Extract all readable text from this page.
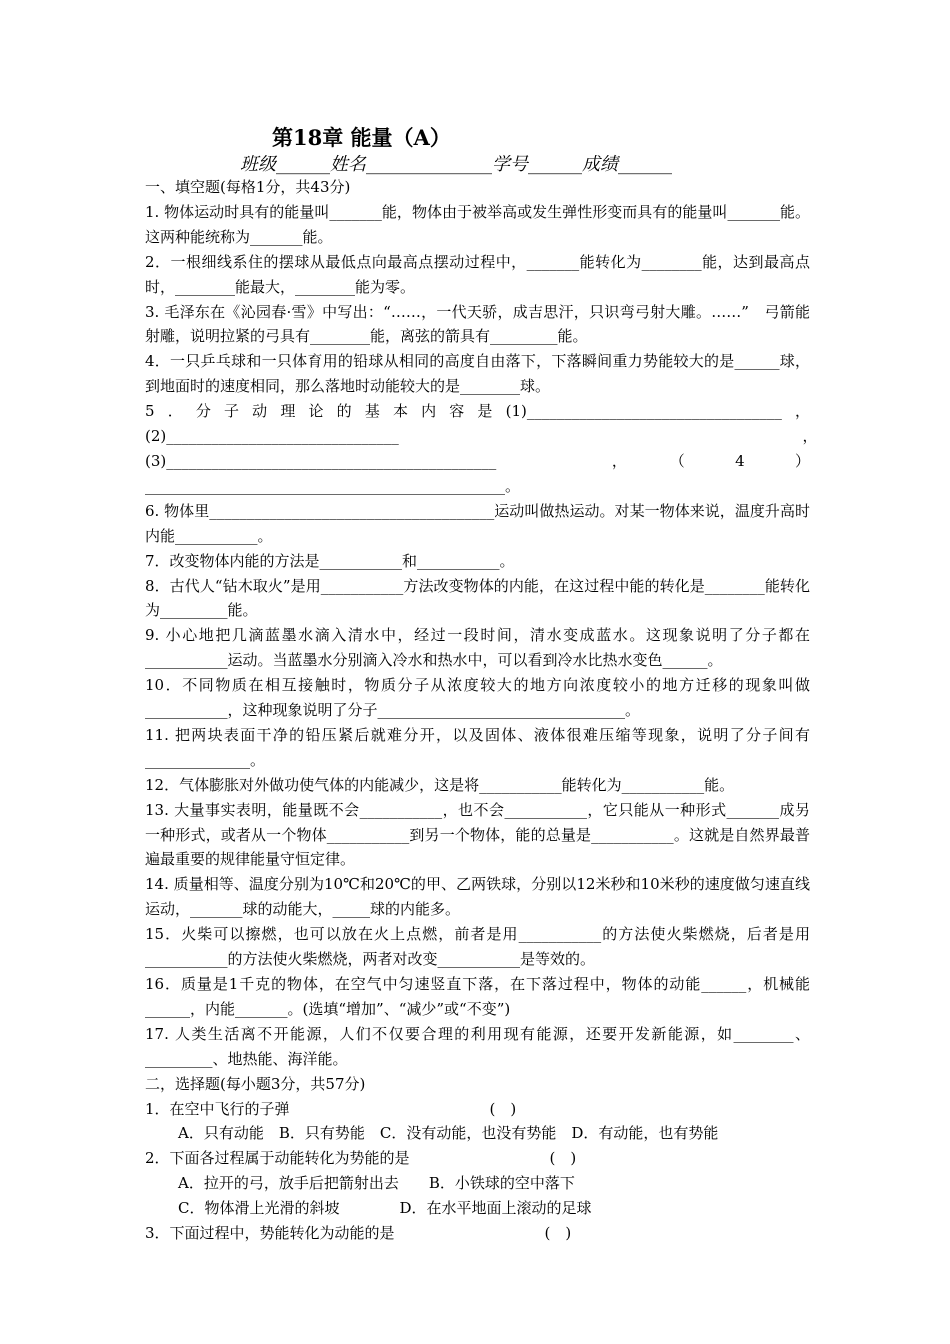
第18章 能量（A）
班级______姓名______________学号______成绩______

一、填空题(每格1分，共43分)

1. 物体运动时具有的能量叫_______能，物体由于被举高或发生弹性形变而具有的能量叫_______能。这两种能统称为_______能。

2．一根细线系住的摆球从最低点向最高点摆动过程中，_______能转化为________能，达到最高点时，________能最大，________能为零。

3. 毛泽东在《沁园春·雪》中写出：“……，一代天骄，成吉思汗，只识弯弓射大雕。……”　弓箭能射雕，说明拉紧的弓具有________能，离弦的箭具有_________能。

4．一只乒乓球和一只体育用的铅球从相同的高度自由落下，下落瞬间重力势能较大的是______球，到地面时的速度相同，那么落地时动能较大的是________球。

5．分子动理论的基本内容是(1)__________________________________，(2)_______________________________　，　(3)____________________________________________　，（4）________________________________________________。

6. 物体里______________________________________运动叫做热运动。对某一物体来说，温度升高时内能___________。

7．改变物体内能的方法是___________和___________。

8．古代人“钻木取火”是用___________方法改变物体的内能，在这过程中能的转化是________能转化为_________能。

9. 小心地把几滴蓝墨水滴入清水中，经过一段时间，清水变成蓝水。这现象说明了分子都在___________运动。当蓝墨水分别滴入冷水和热水中，可以看到冷水比热水变色______。

10．不同物质在相互接触时，物质分子从浓度较大的地方向浓度较小的地方迁移的现象叫做___________，这种现象说明了分子_________________________________。

11. 把两块表面干净的铅压紧后就难分开，以及固体、液体很难压缩等现象，说明了分子间有______________。

12．气体膨胀对外做功使气体的内能减少，这是将___________能转化为___________能。

13. 大量事实表明，能量既不会___________，也不会___________，它只能从一种形式_______成另一种形式，或者从一个物体___________到另一个物体，能的总量是___________。这就是自然界最普遍最重要的规律能量守恒定律。

14. 质量相等、温度分别为10℃和20℃的甲、乙两铁球，分别以12米秒和10米秒的速度做匀速直线运动，_______球的动能大，_____球的内能多。

15．火柴可以擦燃，也可以放在火上点燃，前者是用___________的方法使火柴燃烧，后者是用___________的方法使火柴燃烧，两者对改变___________是等效的。

16．质量是1千克的物体，在空气中匀速竖直下落，在下落过程中，物体的动能______，机械能______，内能_______。(选填“增加”、“减少”或“不变”)

17. 人类生活离不开能源，人们不仅要合理的利用现有能源，还要开发新能源，如________、_________、地热能、海洋能。

二，选择题(每小题3分，共57分)

1．在空中飞行的子弹	(　)

A．只有动能　B．只有势能　C．没有动能，也没有势能　D．有动能，也有势能

2．下面各过程属于动能转化为势能的是	(　)

A．拉开的弓，放手后把箭射出去　　B．小铁球的空中落下

C．物体滑上光滑的斜坡　　　　D．在水平地面上滚动的足球

3．下面过程中，势能转化为动能的是	(　)
